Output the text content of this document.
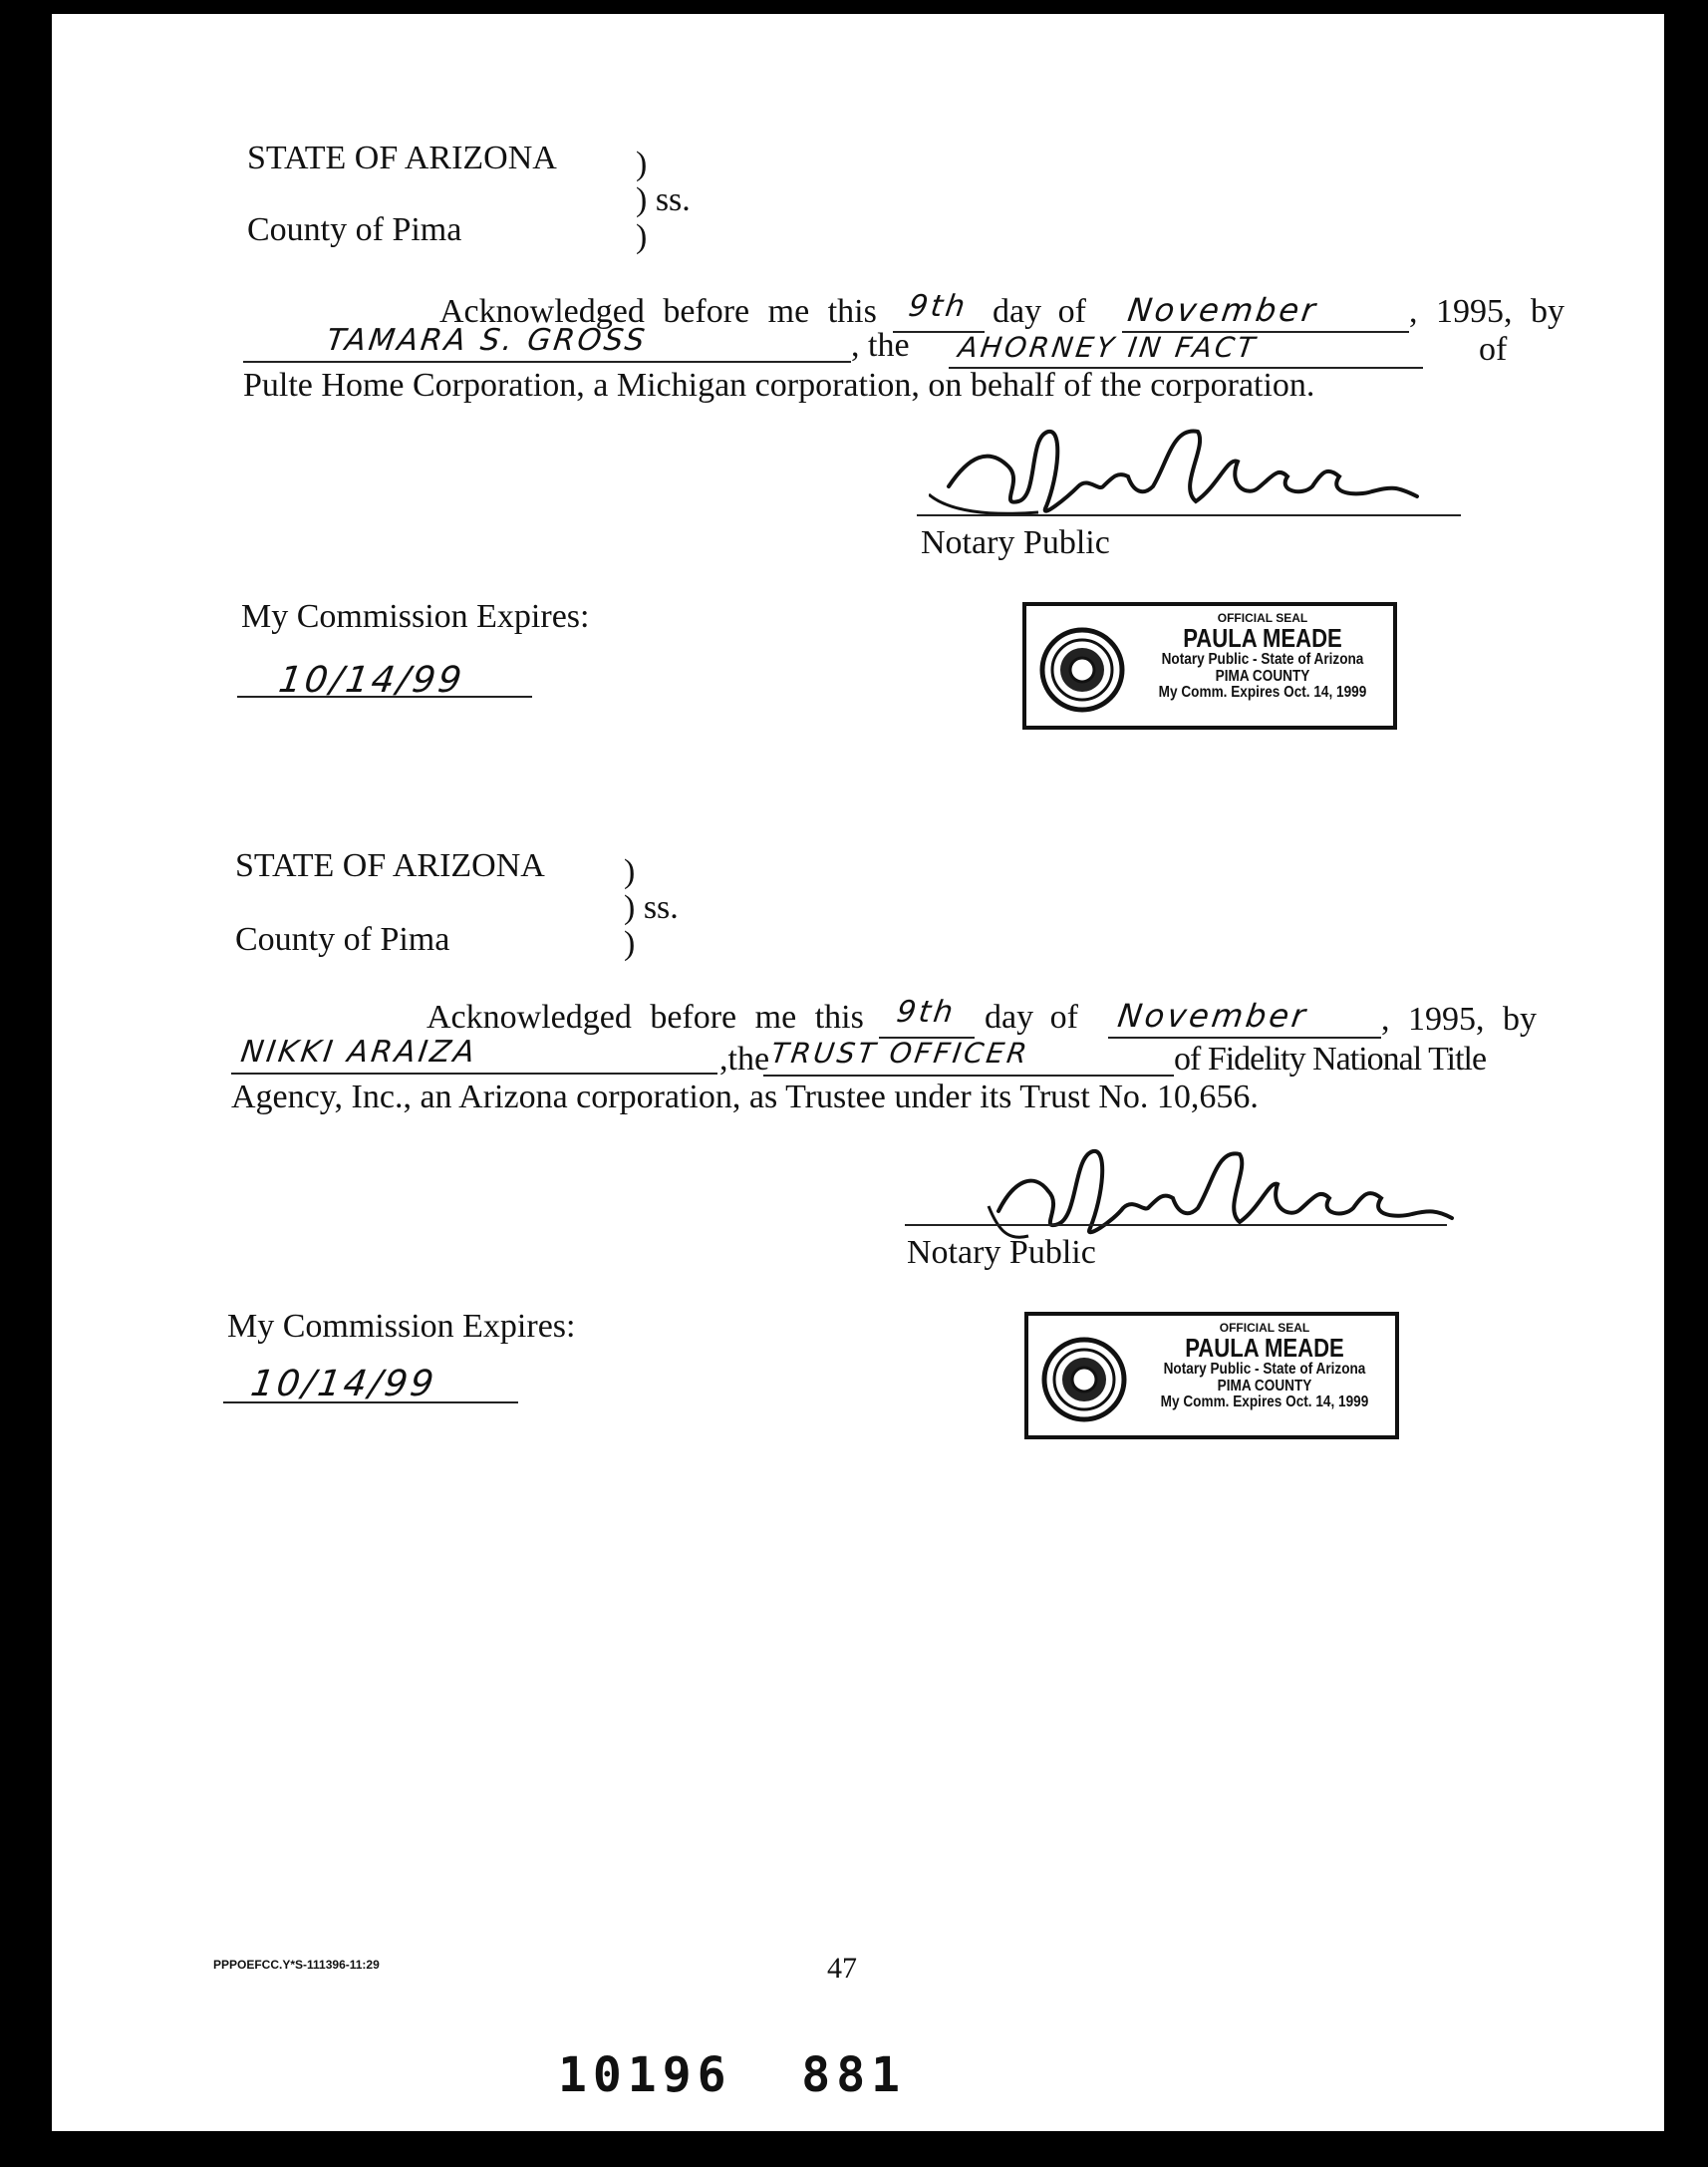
STATE OF ARIZONA )
) ss.
)
County of Pima
Acknowledged before me this 9th day of November	, 1995, by
TAMARA S. GROSS	, the AHORNEY IN FACT	of
Pulte Home Corporation, a Michigan corporation, on behalf of the corporation.
Notary Public
My Commission Expires:
10/14/99
OFFICIAL SEAL
PAULA MEADE
Notary Public - State of Arizona
PIMA COUNTY
My Comm. Expires Oct. 14, 1999
STATE OF ARIZONA )
) ss.
)
County of Pima
Acknowledged before me this 9th day of November , 1995, by
NIKKI ARAIZA	,the TRUST OFFICER	of Fidelity National Title
Agency, Inc., an Arizona corporation, as Trustee under its Trust No. 10,656.
Notary Public
My Commission Expires:
10/14/99
OFFICIAL SEAL
PAULA MEADE
Notary Public - State of Arizona
PIMA COUNTY
My Comm. Expires Oct. 14, 1999
PPPOEFCC.Y*S-111396-11:29	47
10196  881
